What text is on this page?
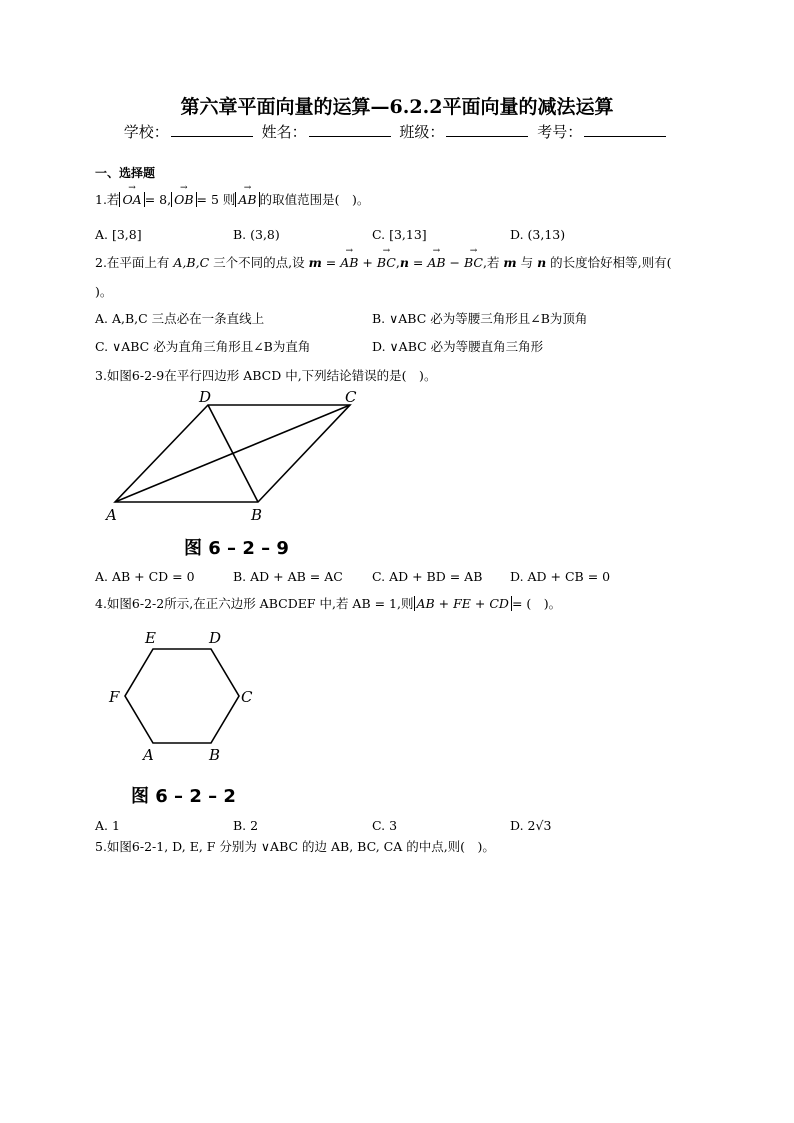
第六章平面向量的运算—6.2.2平面向量的减法运算
学校：	姓名：	班级：	考号：
一、选择题
1.若 → OA = 8, → OB = 5 则 → AB 的取值范围是(　)。
A. [3,8]	B. (3,8)	C. [3,13]	D. (3,13)
2.在平面上有 A,B,C 三个不同的点,设 m = → AB + → BC,n = → AB − → BC,若 m 与 n 的长度恰好相等,则有(
)。
A. A,B,C 三点必在一条直线上	B. ∨ABC 必为等腰三角形且∠B为顶角
C. ∨ABC 必为直角三角形且∠B为直角	D. ∨ABC 必为等腰直角三角形
3.如图6-2-9在平行四边形 ABCD 中,下列结论错误的是(　)。
D	C
A	B
图 6 – 2 – 9
A. AB + CD = 0	B. AD + AB = AC C. AD + BD = AB D. AD + CB = 0
4.如图6-2-2所示,在正六边形 ABCDEF 中,若 AB = 1,则 AB + FE + CD = (　)。
E	D
F	C
A	B
图 6 – 2 – 2
A. 1	B. 2	C. 3	D. 2√3
5.如图6-2-1, D, E, F 分别为 ∨ABC 的边 AB, BC, CA 的中点,则(　)。
